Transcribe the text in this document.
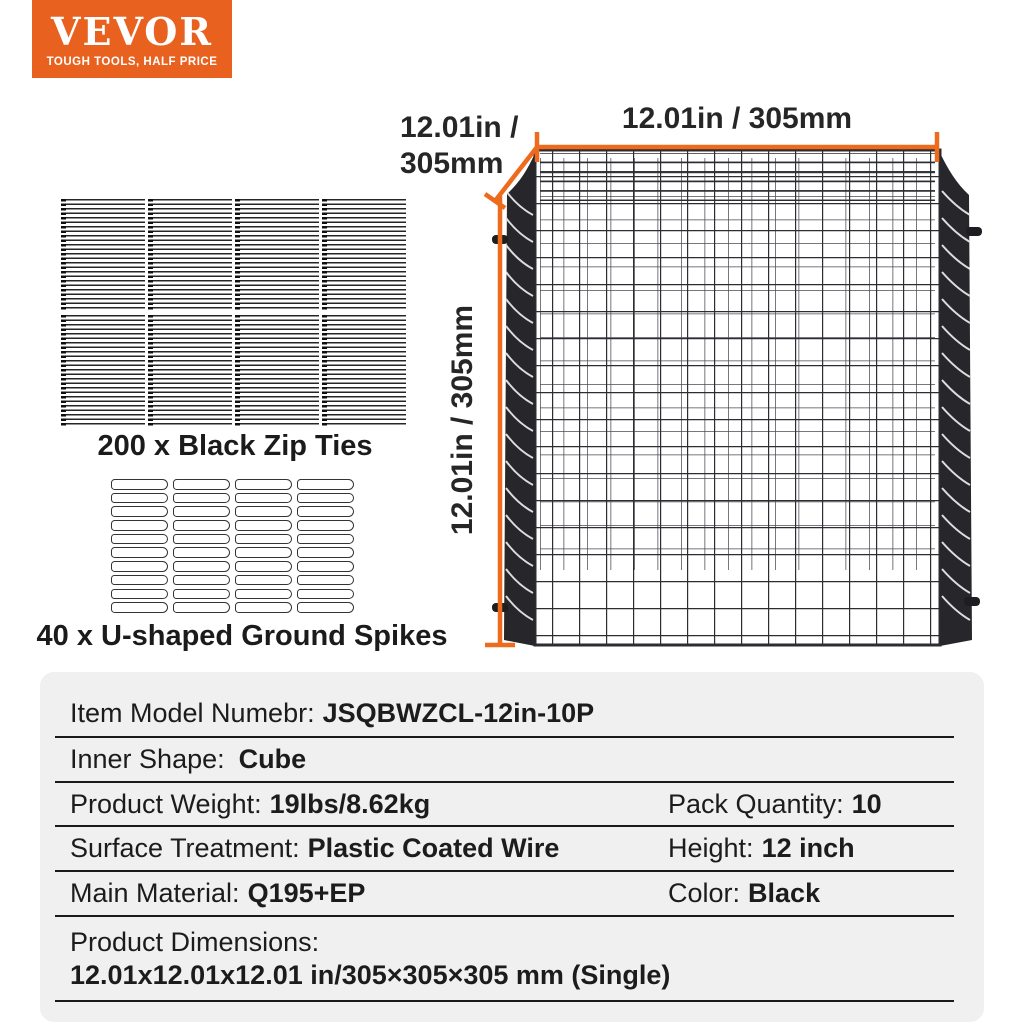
VEVOR
TOUGH TOOLS, HALF PRICE
200 x Black Zip Ties
40 x U-shaped Ground Spikes
12.01in / 305mm
12.01in /
305mm
12.01in / 305mm
Item Model Numebr: JSQBWZCL-12in-10P
Inner Shape: Cube
Product Weight: 19lbs/8.62kg	Pack Quantity: 10
Surface Treatment: Plastic Coated Wire	Height: 12 inch
Main Material: Q195+EP	Color: Black
Product Dimensions:
12.01x12.01x12.01 in/305×305×305 mm (Single)
